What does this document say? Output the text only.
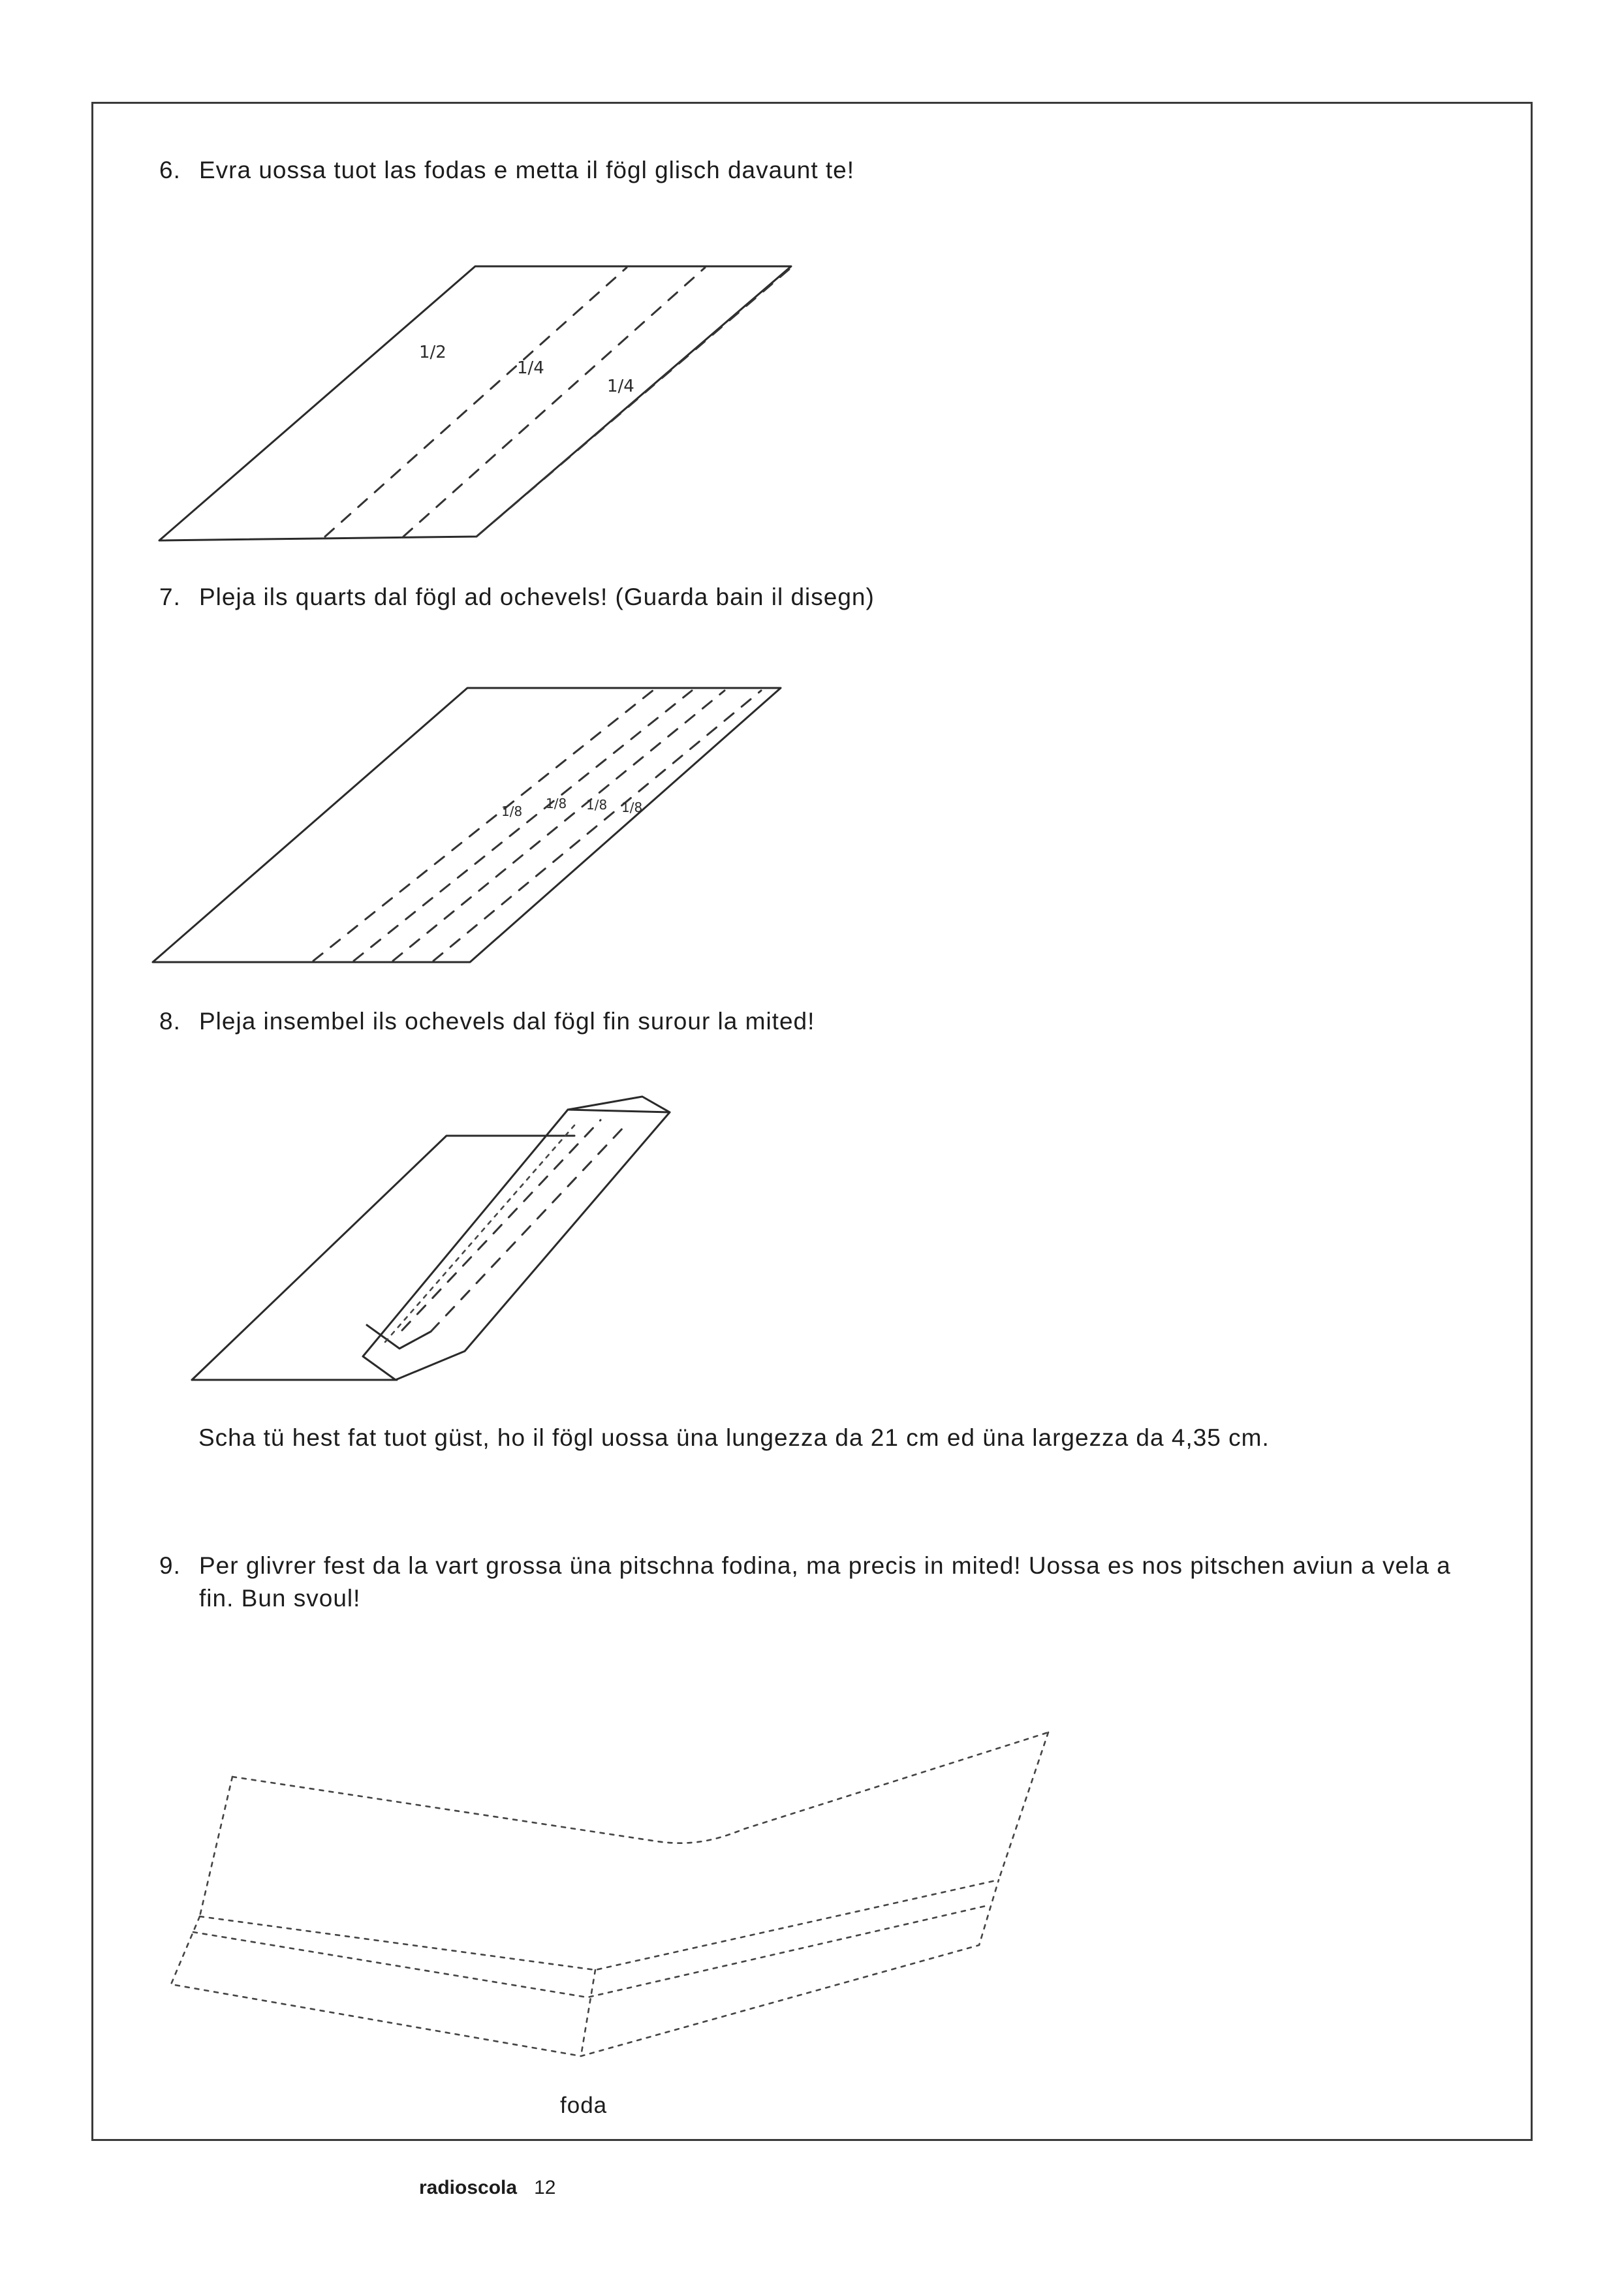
6. Evra uossa tuot las fodas e metta il fögl glisch davaunt te!
1/2
1/4
1/4
7. Pleja ils quarts dal fögl ad ochevels! (Guarda bain il disegn)
1/8 1/8 1/8 1/8
8. Pleja insembel ils ochevels dal fögl fin surour la mited!
Scha tü hest fat tuot güst, ho il fögl uossa üna lungezza da 21 cm ed üna largezza da 4,35 cm.
9. Per glivrer fest da la vart grossa üna pitschna fodina, ma precis in mited! Uossa es nos pitschen aviun a vela a fin. Bun svoul!
foda
radioscola 12
